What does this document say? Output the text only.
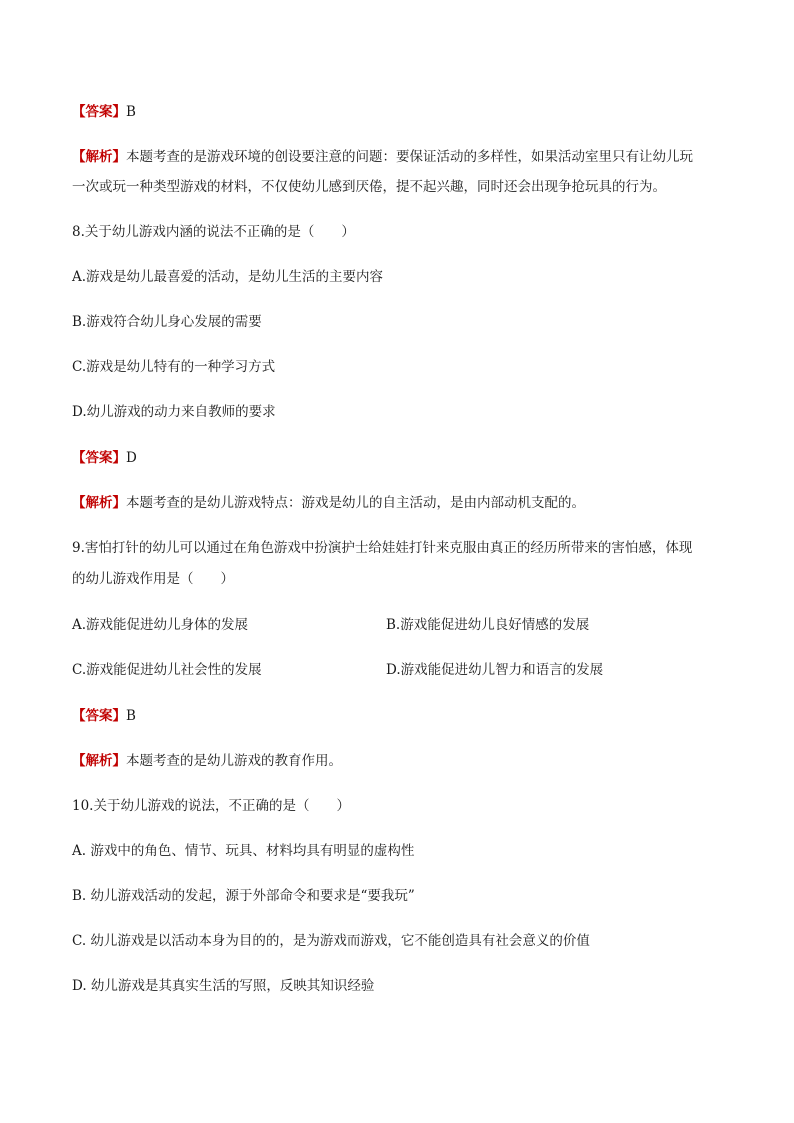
【答案】B
【解析】本题考查的是游戏环境的创设要注意的问题：要保证活动的多样性，如果活动室里只有让幼儿玩
一次或玩一种类型游戏的材料，不仅使幼儿感到厌倦，提不起兴趣，同时还会出现争抢玩具的行为。
8.关于幼儿游戏内涵的说法不正确的是（　　）
A.游戏是幼儿最喜爱的活动，是幼儿生活的主要内容
B.游戏符合幼儿身心发展的需要
C.游戏是幼儿特有的一种学习方式
D.幼儿游戏的动力来自教师的要求
【答案】D
【解析】本题考查的是幼儿游戏特点：游戏是幼儿的自主活动，是由内部动机支配的。
9.害怕打针的幼儿可以通过在角色游戏中扮演护士给娃娃打针来克服由真正的经历所带来的害怕感，体现
的幼儿游戏作用是（　　）
A.游戏能促进幼儿身体的发展	B.游戏能促进幼儿良好情感的发展
C.游戏能促进幼儿社会性的发展	D.游戏能促进幼儿智力和语言的发展
【答案】B
【解析】本题考查的是幼儿游戏的教育作用。
10.关于幼儿游戏的说法，不正确的是（　　）
A. 游戏中的角色、情节、玩具、材料均具有明显的虚构性
B. 幼儿游戏活动的发起，源于外部命令和要求是“要我玩”
C. 幼儿游戏是以活动本身为目的的，是为游戏而游戏，它不能创造具有社会意义的价值
D. 幼儿游戏是其真实生活的写照，反映其知识经验
